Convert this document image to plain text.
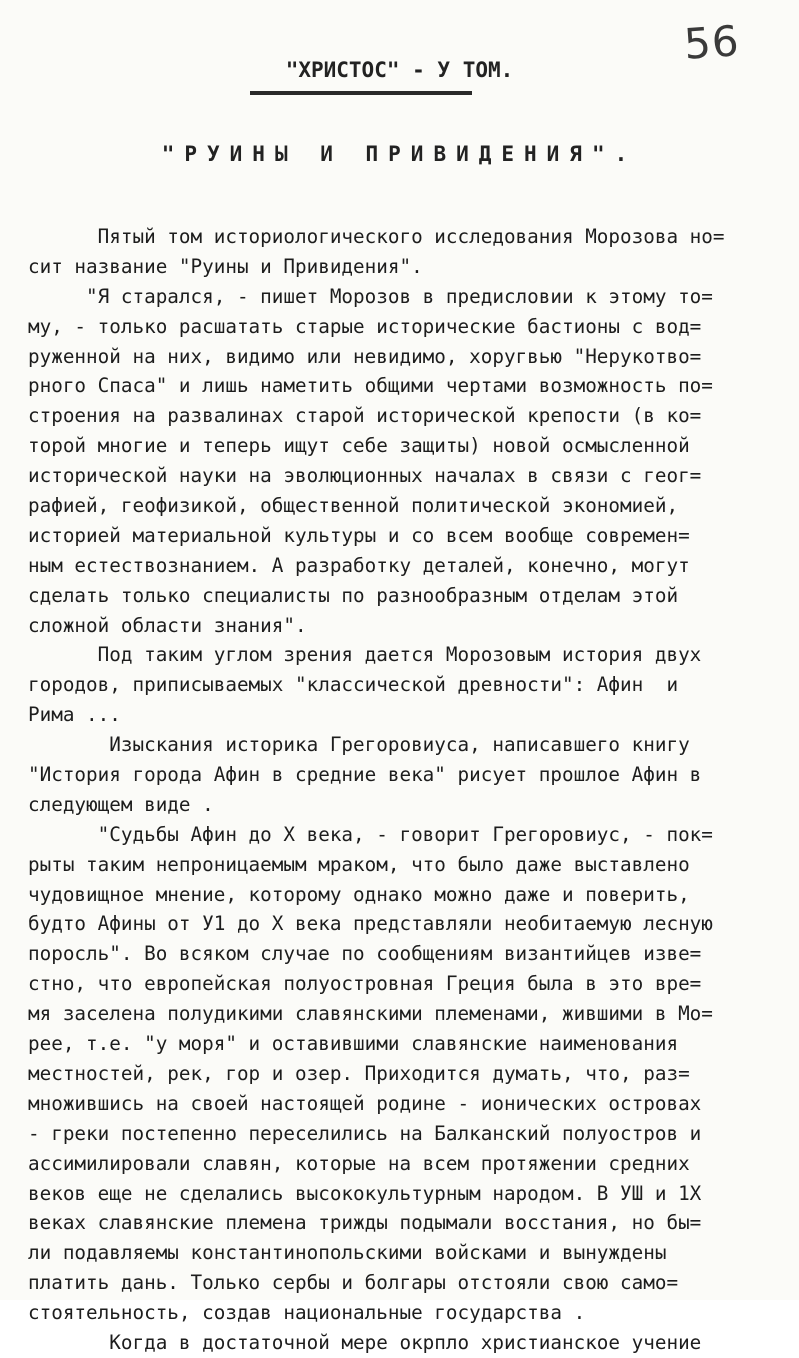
56
"ХРИСТОС" - У ТОМ.
"РУИНЫ И ПРИВИДЕНИЯ".
Пятый том историологического исследования Морозова но=
сит название "Руины и Привидения".
"Я старался, - пишет Морозов в предисловии к этому то=
му, - только расшатать старые исторические бастионы с вод=
руженной на них, видимо или невидимо, хоругвью "Нерукотво=
рного Спаса" и лишь наметить общими чертами возможность по=
строения на развалинах старой исторической крепости (в ко=
торой многие и теперь ищут себе защиты) новой осмысленной
исторической науки на эволюционных началах в связи с геог=
рафией, геофизикой, общественной политической экономией,
историей материальной культуры и со всем вообще современ=
ным естествознанием. А разработку деталей, конечно, могут
сделать только специалисты по разнообразным отделам этой
сложной области знания".
Под таким углом зрения дается Морозовым история двух
городов, приписываемых "классической древности": Афин  и
Рима ...
Изыскания историка Грегоровиуса, написавшего книгу
"История города Афин в средние века" рисует прошлое Афин в
следующем виде .
"Судьбы Афин до X века, - говорит Грегоровиус, - пок=
рыты таким непроницаемым мраком, что было даже выставлено
чудовищное мнение, которому однако можно даже и поверить,
будто Афины от У1 до X века представляли необитаемую лесную
поросль". Во всяком случае по сообщениям византийцев изве=
стно, что европейская полуостровная Греция была в это вре=
мя заселена полудикими славянскими племенами, жившими в Мо=
рее, т.е. "у моря" и оставившими славянские наименования
местностей, рек, гор и озер. Приходится думать, что, раз=
множившись на своей настоящей родине - ионических островах
- греки постепенно переселились на Балканский полуостров и
ассимилировали славян, которые на всем протяжении средних
веков еще не сделались высококультурным народом. В УШ и 1X
веках славянские племена трижды подымали восстания, но бы=
ли подавляемы константинопольскими войсками и вынуждены
платить дань. Только сербы и болгары отстояли свою само=
стоятельность, создав национальные государства .
Когда в достаточной мере окрпло христианское учение
